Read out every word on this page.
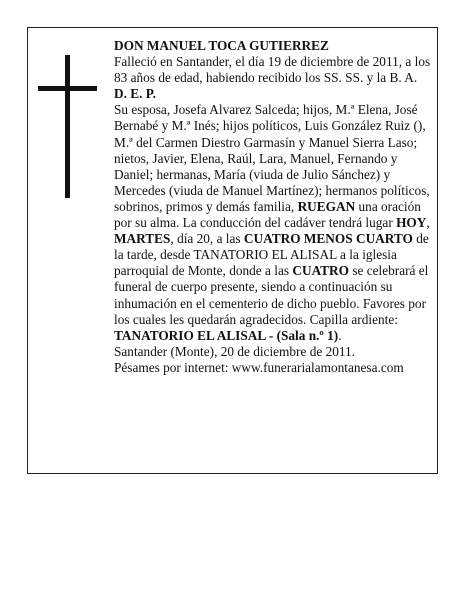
DON MANUEL TOCA GUTIERREZ

Falleció en Santander, el día 19 de diciembre de 2011, a los 83 años de edad, habiendo recibido los SS. SS. y la B. A.

D. E. P.

Su esposa, Josefa Alvarez Salceda; hijos, M.ª Elena, José Bernabé y M.ª Inés; hijos políticos, Luis González Ruiz (), M.ª del Carmen Diestro Garmasín y Manuel Sierra Laso; nietos, Javier, Elena, Raúl, Lara, Manuel, Fernando y Daniel; hermanas, María (viuda de Julio Sánchez) y Mercedes (viuda de Manuel Martínez); hermanos políticos, sobrinos, primos y demás familia, RUEGAN una oración por su alma. La conducción del cadáver tendrá lugar HOY, MARTES, día 20, a las CUATRO MENOS CUARTO de la tarde, desde TANATORIO EL ALISAL a la iglesia parroquial de Monte, donde a las CUATRO se celebrará el funeral de cuerpo presente, siendo a continuación su inhumación en el cementerio de dicho pueblo. Favores por los cuales les quedarán agradecidos. Capilla ardiente: TANATORIO EL ALISAL - (Sala n.º 1).

Santander (Monte), 20 de diciembre de 2011.

Pésames por internet: www.funerarialamontanesa.com
